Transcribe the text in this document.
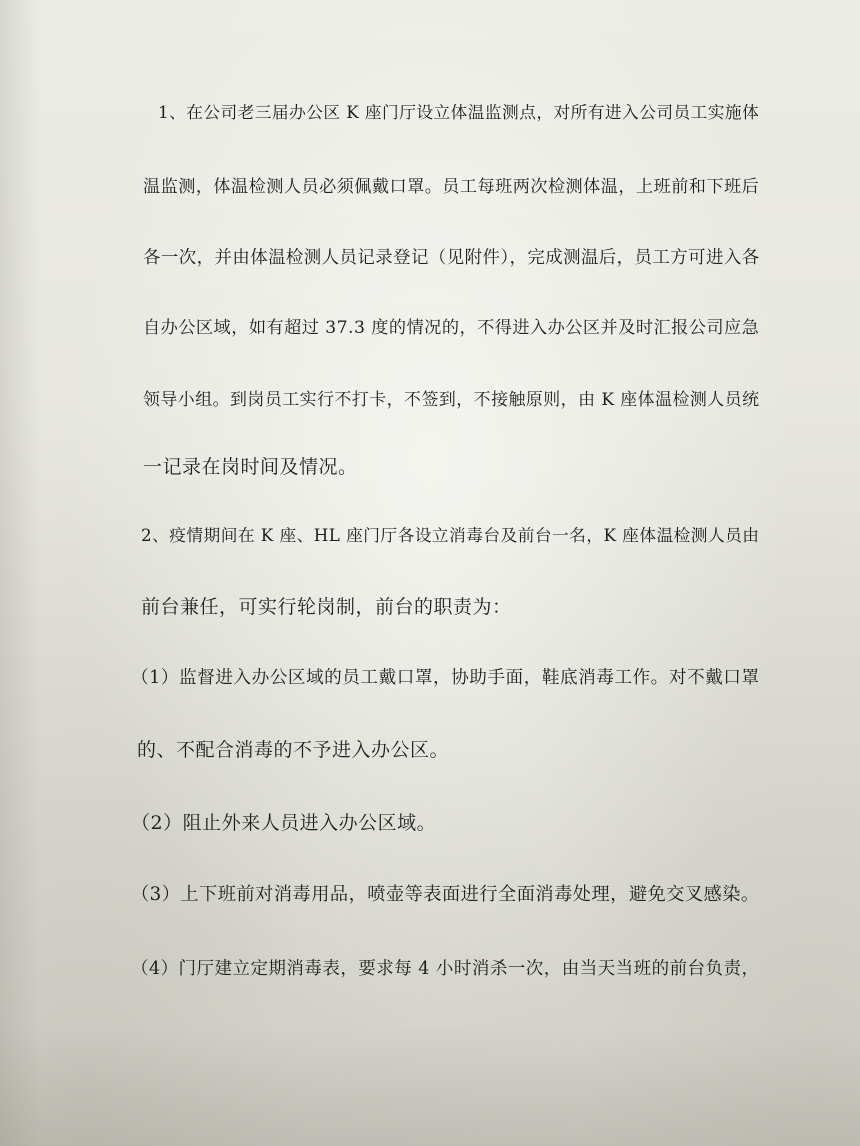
1、在公司老三届办公区 K 座门厅设立体温监测点，对所有进入公司员工实施体
温监测，体温检测人员必须佩戴口罩。员工每班两次检测体温，上班前和下班后
各一次，并由体温检测人员记录登记（见附件），完成测温后，员工方可进入各
自办公区域，如有超过 37.3 度的情况的，不得进入办公区并及时汇报公司应急
领导小组。到岗员工实行不打卡，不签到，不接触原则，由 K 座体温检测人员统
一记录在岗时间及情况。
2、疫情期间在 K 座、HL 座门厅各设立消毒台及前台一名，K 座体温检测人员由
前台兼任，可实行轮岗制，前台的职责为：
（1）监督进入办公区域的员工戴口罩，协助手面，鞋底消毒工作。对不戴口罩
的、不配合消毒的不予进入办公区。
（2）阻止外来人员进入办公区域。
（3）上下班前对消毒用品，喷壶等表面进行全面消毒处理，避免交叉感染。
（4）门厅建立定期消毒表，要求每 4 小时消杀一次，由当天当班的前台负责，
